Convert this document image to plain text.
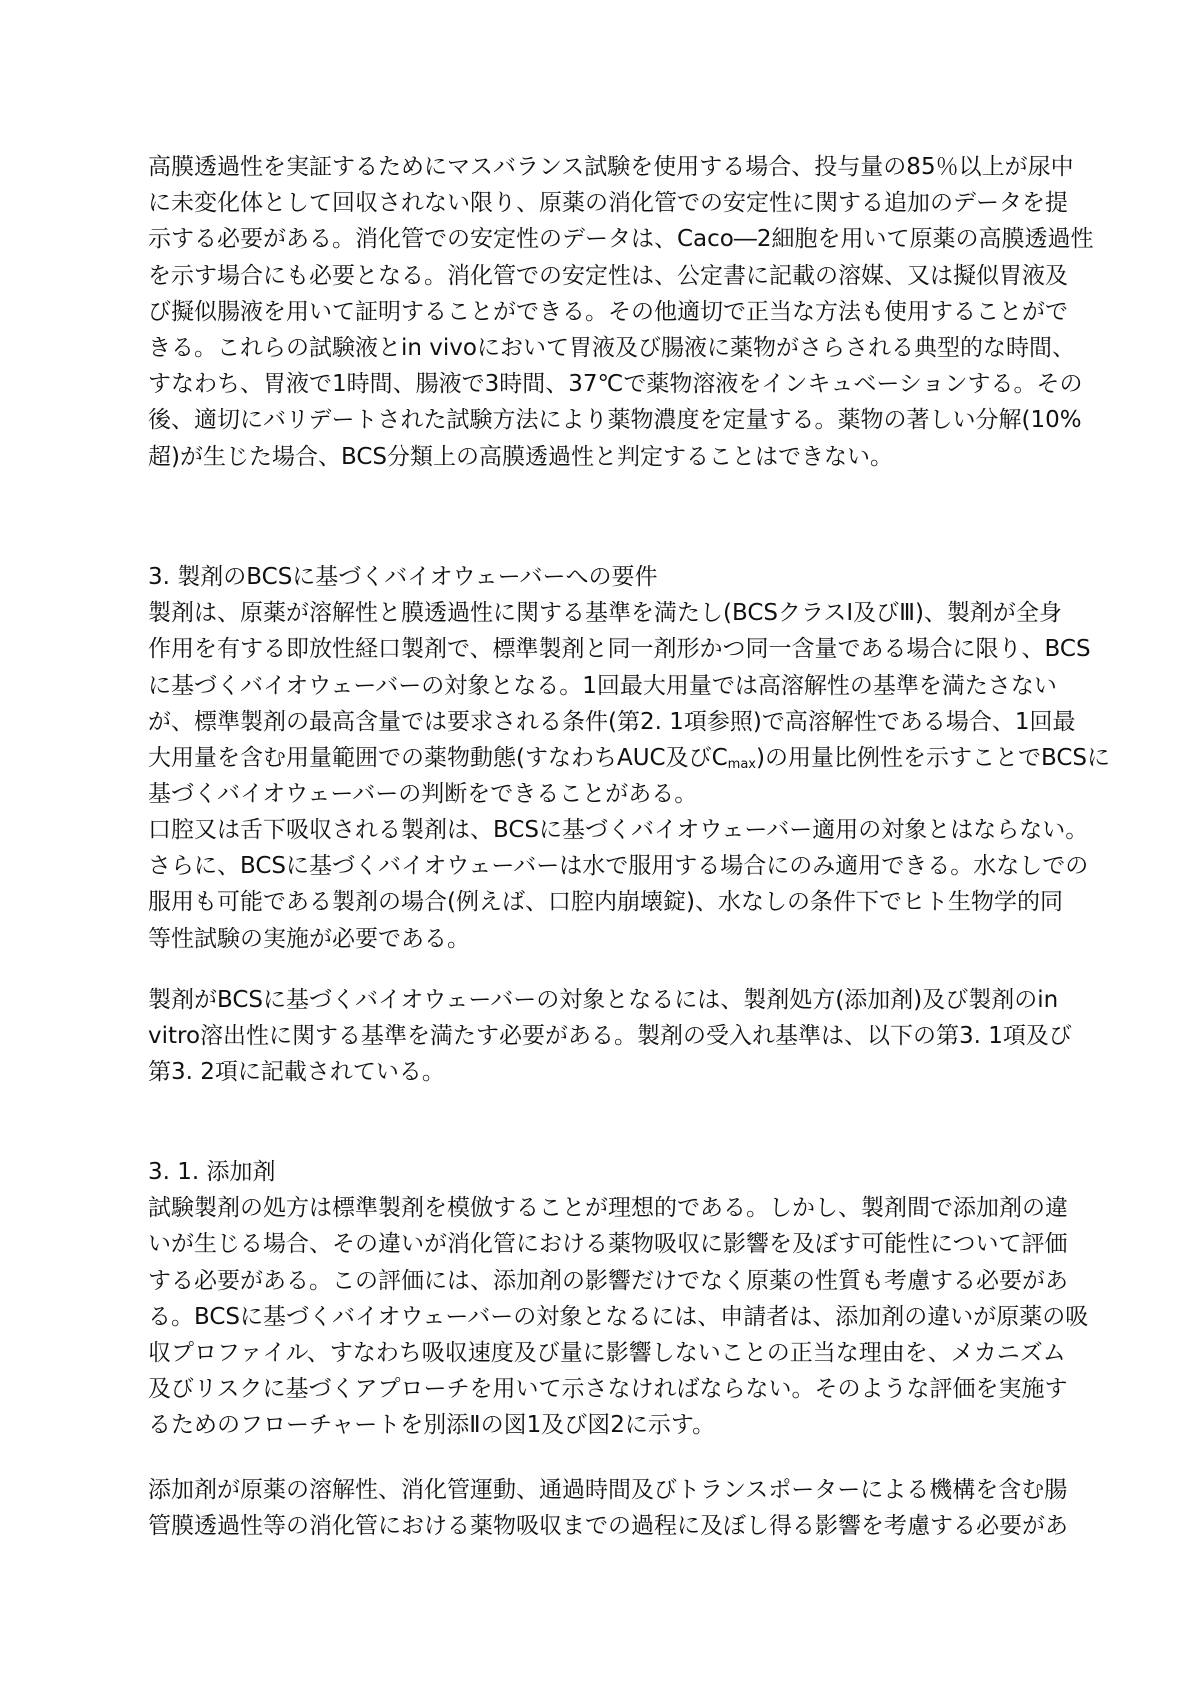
高膜透過性を実証するためにマスバランス試験を使用する場合、投与量の85％以上が尿中
に未変化体として回収されない限り、原薬の消化管での安定性に関する追加のデータを提
示する必要がある。消化管での安定性のデータは、Caco―2細胞を用いて原薬の高膜透過性
を示す場合にも必要となる。消化管での安定性は、公定書に記載の溶媒、又は擬似胃液及
び擬似腸液を用いて証明することができる。その他適切で正当な方法も使用することがで
きる。これらの試験液とin vivoにおいて胃液及び腸液に薬物がさらされる典型的な時間、
すなわち、胃液で1時間、腸液で3時間、37℃で薬物溶液をインキュベーションする。その
後、適切にバリデートされた試験方法により薬物濃度を定量する。薬物の著しい分解(10%
超)が生じた場合、BCS分類上の高膜透過性と判定することはできない。
3. 製剤のBCSに基づくバイオウェーバーへの要件
製剤は、原薬が溶解性と膜透過性に関する基準を満たし(BCSクラスⅠ及びⅢ)、製剤が全身
作用を有する即放性経口製剤で、標準製剤と同一剤形かつ同一含量である場合に限り、BCS
に基づくバイオウェーバーの対象となる。1回最大用量では高溶解性の基準を満たさない
が、標準製剤の最高含量では要求される条件(第2. 1項参照)で高溶解性である場合、1回最
大用量を含む用量範囲での薬物動態(すなわちAUC及び$C_{max}$)の用量比例性を示すことでBCSに
基づくバイオウェーバーの判断をできることがある。
口腔又は舌下吸収される製剤は、BCSに基づくバイオウェーバー適用の対象とはならない。
さらに、BCSに基づくバイオウェーバーは水で服用する場合にのみ適用できる。水なしでの
服用も可能である製剤の場合(例えば、口腔内崩壊錠)、水なしの条件下でヒト生物学的同
等性試験の実施が必要である。
製剤がBCSに基づくバイオウェーバーの対象となるには、製剤処方(添加剤)及び製剤のin
vitro溶出性に関する基準を満たす必要がある。製剤の受入れ基準は、以下の第3. 1項及び
第3. 2項に記載されている。
3. 1. 添加剤
試験製剤の処方は標準製剤を模倣することが理想的である。しかし、製剤間で添加剤の違
いが生じる場合、その違いが消化管における薬物吸収に影響を及ぼす可能性について評価
する必要がある。この評価には、添加剤の影響だけでなく原薬の性質も考慮する必要があ
る。BCSに基づくバイオウェーバーの対象となるには、申請者は、添加剤の違いが原薬の吸
収プロファイル、すなわち吸収速度及び量に影響しないことの正当な理由を、メカニズム
及びリスクに基づくアプローチを用いて示さなければならない。そのような評価を実施す
るためのフローチャートを別添Ⅱの図1及び図2に示す。
添加剤が原薬の溶解性、消化管運動、通過時間及びトランスポーターによる機構を含む腸
管膜透過性等の消化管における薬物吸収までの過程に及ぼし得る影響を考慮する必要があ
